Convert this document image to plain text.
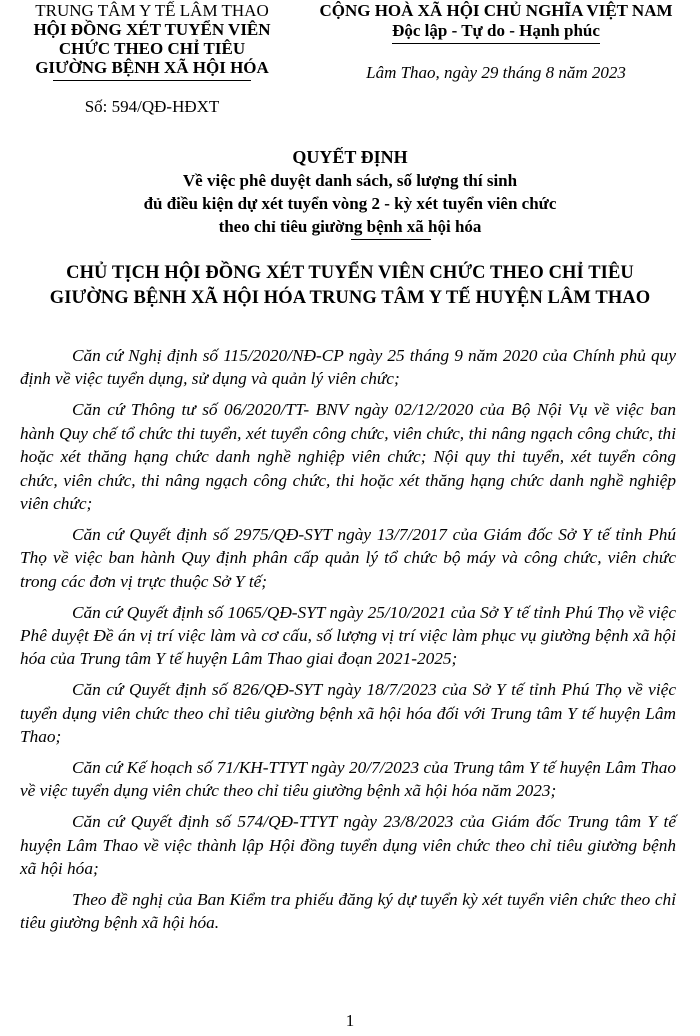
TRUNG TÂM Y TẾ LÂM THAO
HỘI ĐỒNG XÉT TUYỂN VIÊN
CHỨC THEO CHỈ TIÊU
GIƯỜNG BỆNH XÃ HỘI HÓA
Số: 594/QĐ-HĐXT
CỘNG HOÀ XÃ HỘI CHỦ NGHĨA VIỆT NAM
Độc lập - Tự do - Hạnh phúc
Lâm Thao, ngày 29 tháng 8 năm 2023
QUYẾT ĐỊNH
Về việc phê duyệt danh sách, số lượng thí sinh
đủ điều kiện dự xét tuyển vòng 2 - kỳ xét tuyển viên chức
theo chỉ tiêu giường bệnh xã hội hóa
CHỦ TỊCH HỘI ĐỒNG XÉT TUYỂN VIÊN CHỨC THEO CHỈ TIÊU
GIƯỜNG BỆNH XÃ HỘI HÓA TRUNG TÂM Y TẾ HUYỆN LÂM THAO

Căn cứ Nghị định số 115/2020/NĐ-CP ngày 25 tháng 9 năm 2020 của Chính phủ quy định về việc tuyển dụng, sử dụng và quản lý viên chức;

Căn cứ Thông tư số 06/2020/TT- BNV ngày 02/12/2020 của Bộ Nội Vụ về việc ban hành Quy chế tổ chức thi tuyển, xét tuyển công chức, viên chức, thi nâng ngạch công chức, thi hoặc xét thăng hạng chức danh nghề nghiệp viên chức; Nội quy thi tuyển, xét tuyển công chức, viên chức, thi nâng ngạch công chức, thi hoặc xét thăng hạng chức danh nghề nghiệp viên chức;

Căn cứ Quyết định số 2975/QĐ-SYT ngày 13/7/2017 của Giám đốc Sở Y tế tỉnh Phú Thọ về việc ban hành Quy định phân cấp quản lý tổ chức bộ máy và công chức, viên chức trong các đơn vị trực thuộc Sở Y tế;

Căn cứ Quyết định số 1065/QĐ-SYT ngày 25/10/2021 của Sở Y tế tỉnh Phú Thọ về việc Phê duyệt Đề án vị trí việc làm và cơ cấu, số lượng vị trí việc làm phục vụ giường bệnh xã hội hóa của Trung tâm Y tế huyện Lâm Thao giai đoạn 2021-2025;

Căn cứ Quyết định số 826/QĐ-SYT ngày 18/7/2023 của Sở Y tế tỉnh Phú Thọ về việc tuyển dụng viên chức theo chỉ tiêu giường bệnh xã hội hóa đối với Trung tâm Y tế huyện Lâm Thao;

Căn cứ Kế hoạch số 71/KH-TTYT ngày 20/7/2023 của Trung tâm Y tế huyện Lâm Thao về việc tuyển dụng viên chức theo chỉ tiêu giường bệnh xã hội hóa năm 2023;

Căn cứ Quyết định số 574/QĐ-TTYT ngày 23/8/2023 của Giám đốc Trung tâm Y tế huyện Lâm Thao về việc thành lập Hội đồng tuyển dụng viên chức theo chỉ tiêu giường bệnh xã hội hóa;

Theo đề nghị của Ban Kiểm tra phiếu đăng ký dự tuyển kỳ xét tuyển viên chức theo chỉ tiêu giường bệnh xã hội hóa.

1
